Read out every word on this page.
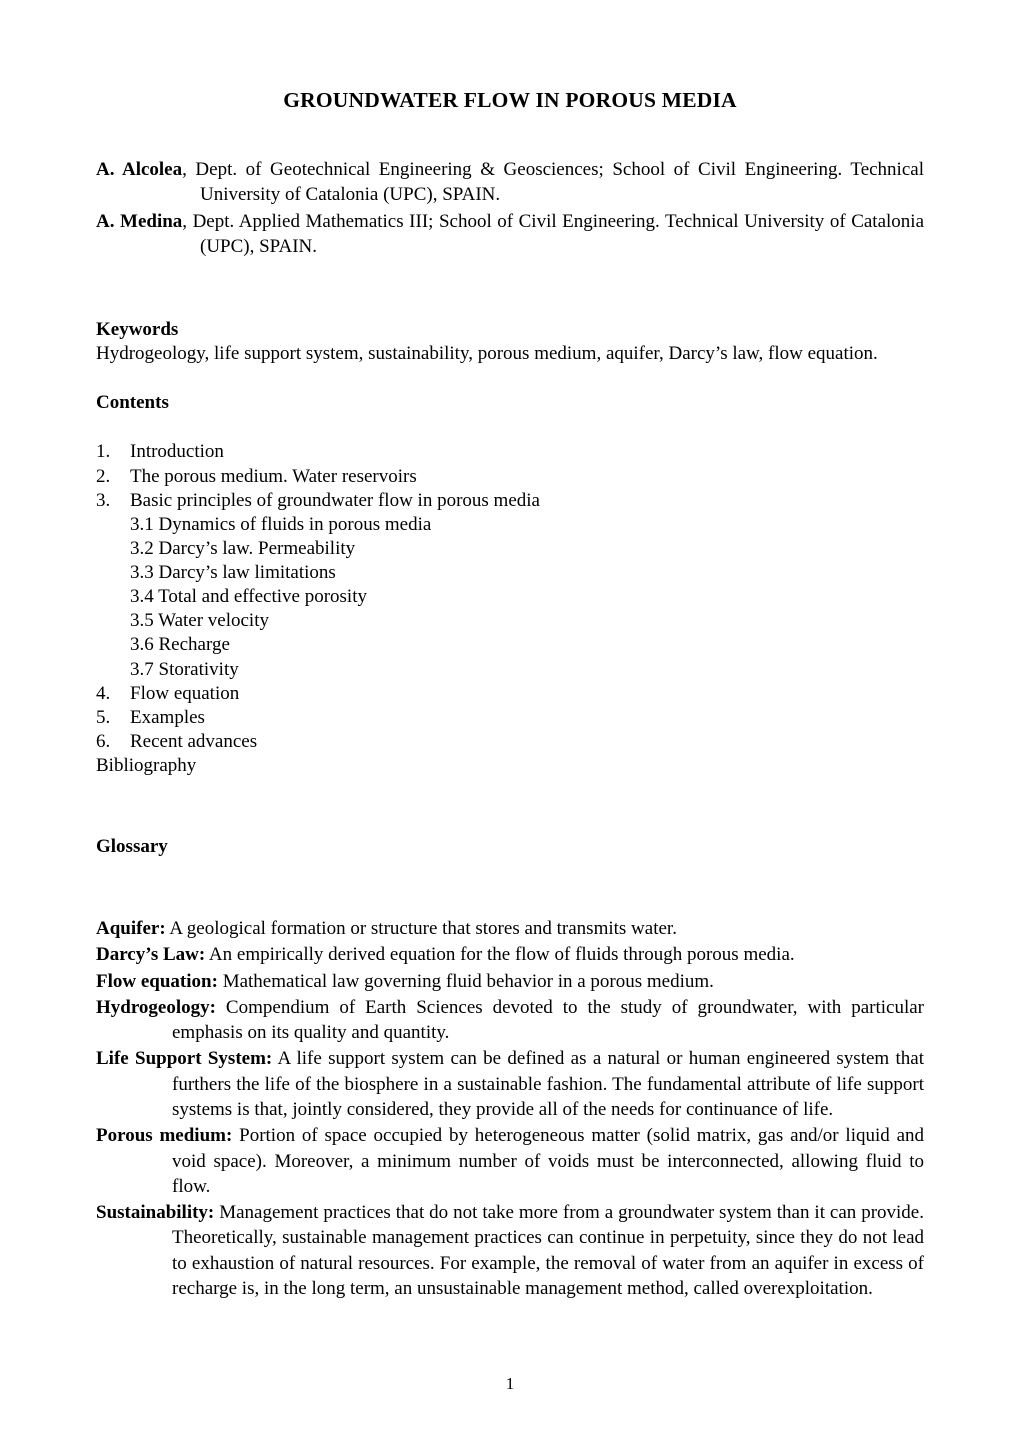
GROUNDWATER FLOW IN POROUS MEDIA

A. Alcolea, Dept. of Geotechnical Engineering & Geosciences; School of Civil Engineering. Technical University of Catalonia (UPC), SPAIN.

A. Medina, Dept. Applied Mathematics III; School of Civil Engineering. Technical University of Catalonia (UPC), SPAIN.

Keywords

Hydrogeology, life support system, sustainability, porous medium, aquifer, Darcy’s law, flow equation.

Contents
1.	Introduction
2.	The porous medium. Water reservoirs
3.	Basic principles of groundwater flow in porous media
3.1 Dynamics of fluids in porous media
3.2 Darcy’s law. Permeability
3.3 Darcy’s law limitations
3.4 Total and effective porosity
3.5 Water velocity
3.6 Recharge
3.7 Storativity
4.	Flow equation
5.	Examples
6.	Recent advances
Bibliography
Glossary

Aquifer: A geological formation or structure that stores and transmits water.

Darcy’s Law: An empirically derived equation for the flow of fluids through porous media.

Flow equation: Mathematical law governing fluid behavior in a porous medium.

Hydrogeology: Compendium of Earth Sciences devoted to the study of groundwater, with particular emphasis on its quality and quantity.

Life Support System: A life support system can be defined as a natural or human engineered system that furthers the life of the biosphere in a sustainable fashion. The fundamental attribute of life support systems is that, jointly considered, they provide all of the needs for continuance of life.

Porous medium: Portion of space occupied by heterogeneous matter (solid matrix, gas and/or liquid and void space). Moreover, a minimum number of voids must be interconnected, allowing fluid to flow.

Sustainability: Management practices that do not take more from a groundwater system than it can provide. Theoretically, sustainable management practices can continue in perpetuity, since they do not lead to exhaustion of natural resources. For example, the removal of water from an aquifer in excess of recharge is, in the long term, an unsustainable management method, called overexploitation.

1
